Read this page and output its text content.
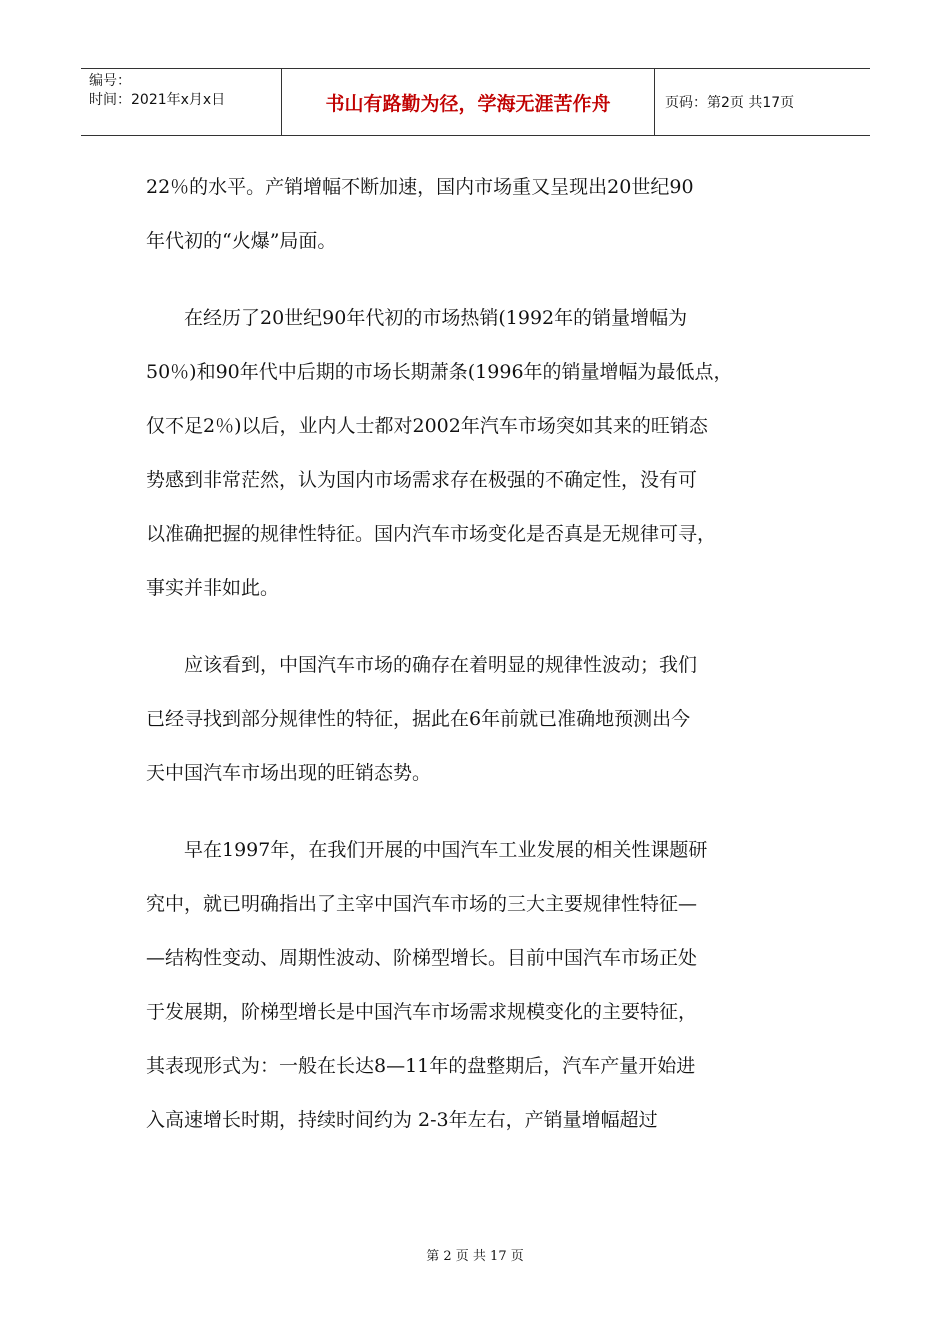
编号：
时间：2021年x月x日	书山有路勤为径，学海无涯苦作舟	页码：第2页 共17页
22％的水平。产销增幅不断加速，国内市场重又呈现出20世纪90
年代初的“火爆”局面。
在经历了20世纪90年代初的市场热销(1992年的销量增幅为
50％)和90年代中后期的市场长期萧条(1996年的销量增幅为最低点，
仅不足2％)以后，业内人士都对2002年汽车市场突如其来的旺销态
势感到非常茫然，认为国内市场需求存在极强的不确定性，没有可
以准确把握的规律性特征。国内汽车市场变化是否真是无规律可寻，
事实并非如此。
应该看到，中国汽车市场的确存在着明显的规律性波动；我们
已经寻找到部分规律性的特征，据此在6年前就已准确地预测出今
天中国汽车市场出现的旺销态势。
早在1997年，在我们开展的中国汽车工业发展的相关性课题研
究中，就已明确指出了主宰中国汽车市场的三大主要规律性特征—
—结构性变动、周期性波动、阶梯型增长。目前中国汽车市场正处
于发展期，阶梯型增长是中国汽车市场需求规模变化的主要特征，
其表现形式为：一般在长达8—11年的盘整期后，汽车产量开始进
入高速增长时期，持续时间约为 2-3年左右，产销量增幅超过
第 2 页 共 17 页
